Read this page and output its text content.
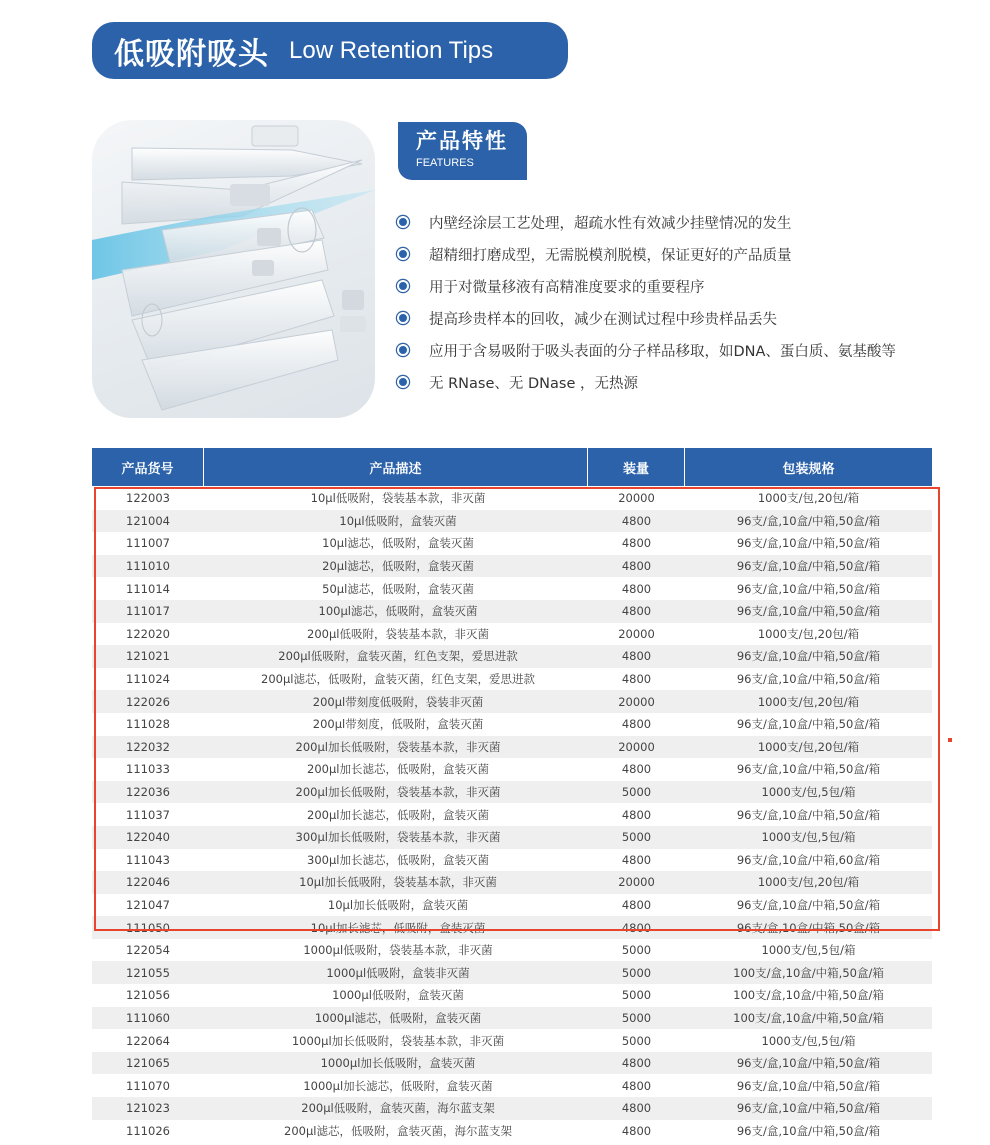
低吸附吸头 Low Retention Tips
产品特性
FEATURES
内壁经涂层工艺处理，超疏水性有效减少挂壁情况的发生
超精细打磨成型，无需脱模剂脱模，保证更好的产品质量
用于对微量移液有高精准度要求的重要程序
提高珍贵样本的回收，减少在测试过程中珍贵样品丢失
应用于含易吸附于吸头表面的分子样品移取，如DNA、蛋白质、氨基酸等
无 RNase、无 DNase ，无热源
产品货号	产品描述	装量	包装规格
122003	10μl低吸附，袋装基本款，非灭菌	20000	1000支/包,20包/箱
121004	10μl低吸附，盒装灭菌	4800	96支/盒,10盒/中箱,50盒/箱
111007	10μl滤芯，低吸附，盒装灭菌	4800	96支/盒,10盒/中箱,50盒/箱
111010	20μl滤芯，低吸附，盒装灭菌	4800	96支/盒,10盒/中箱,50盒/箱
111014	50μl滤芯，低吸附，盒装灭菌	4800	96支/盒,10盒/中箱,50盒/箱
111017	100μl滤芯，低吸附，盒装灭菌	4800	96支/盒,10盒/中箱,50盒/箱
122020	200μl低吸附，袋装基本款，非灭菌	20000	1000支/包,20包/箱
121021	200μl低吸附，盒装灭菌，红色支架，爱思进款	4800	96支/盒,10盒/中箱,50盒/箱
111024	200μl滤芯，低吸附，盒装灭菌，红色支架，爱思进款	4800	96支/盒,10盒/中箱,50盒/箱
122026	200μl带刻度低吸附，袋装非灭菌	20000	1000支/包,20包/箱
111028	200μl带刻度，低吸附，盒装灭菌	4800	96支/盒,10盒/中箱,50盒/箱
122032	200μl加长低吸附，袋装基本款，非灭菌	20000	1000支/包,20包/箱
111033	200μl加长滤芯，低吸附，盒装灭菌	4800	96支/盒,10盒/中箱,50盒/箱
122036	200μl加长低吸附，袋装基本款，非灭菌	5000	1000支/包,5包/箱
111037	200μl加长滤芯，低吸附，盒装灭菌	4800	96支/盒,10盒/中箱,50盒/箱
122040	300μl加长低吸附，袋装基本款，非灭菌	5000	1000支/包,5包/箱
111043	300μl加长滤芯，低吸附，盒装灭菌	4800	96支/盒,10盒/中箱,60盒/箱
122046	10μl加长低吸附，袋装基本款，非灭菌	20000	1000支/包,20包/箱
121047	10μl加长低吸附，盒装灭菌	4800	96支/盒,10盒/中箱,50盒/箱
111050	10μl加长滤芯，低吸附，盒装灭菌	4800	96支/盒,10盒/中箱,50盒/箱
122054	1000μl低吸附，袋装基本款，非灭菌	5000	1000支/包,5包/箱
121055	1000μl低吸附，盒装非灭菌	5000	100支/盒,10盒/中箱,50盒/箱
121056	1000μl低吸附，盒装灭菌	5000	100支/盒,10盒/中箱,50盒/箱
111060	1000μl滤芯，低吸附，盒装灭菌	5000	100支/盒,10盒/中箱,50盒/箱
122064	1000μl加长低吸附，袋装基本款，非灭菌	5000	1000支/包,5包/箱
121065	1000μl加长低吸附，盒装灭菌	4800	96支/盒,10盒/中箱,50盒/箱
111070	1000μl加长滤芯，低吸附，盒装灭菌	4800	96支/盒,10盒/中箱,50盒/箱
121023	200μl低吸附，盒装灭菌，海尔蓝支架	4800	96支/盒,10盒/中箱,50盒/箱
111026	200μl滤芯，低吸附，盒装灭菌，海尔蓝支架	4800	96支/盒,10盒/中箱,50盒/箱
